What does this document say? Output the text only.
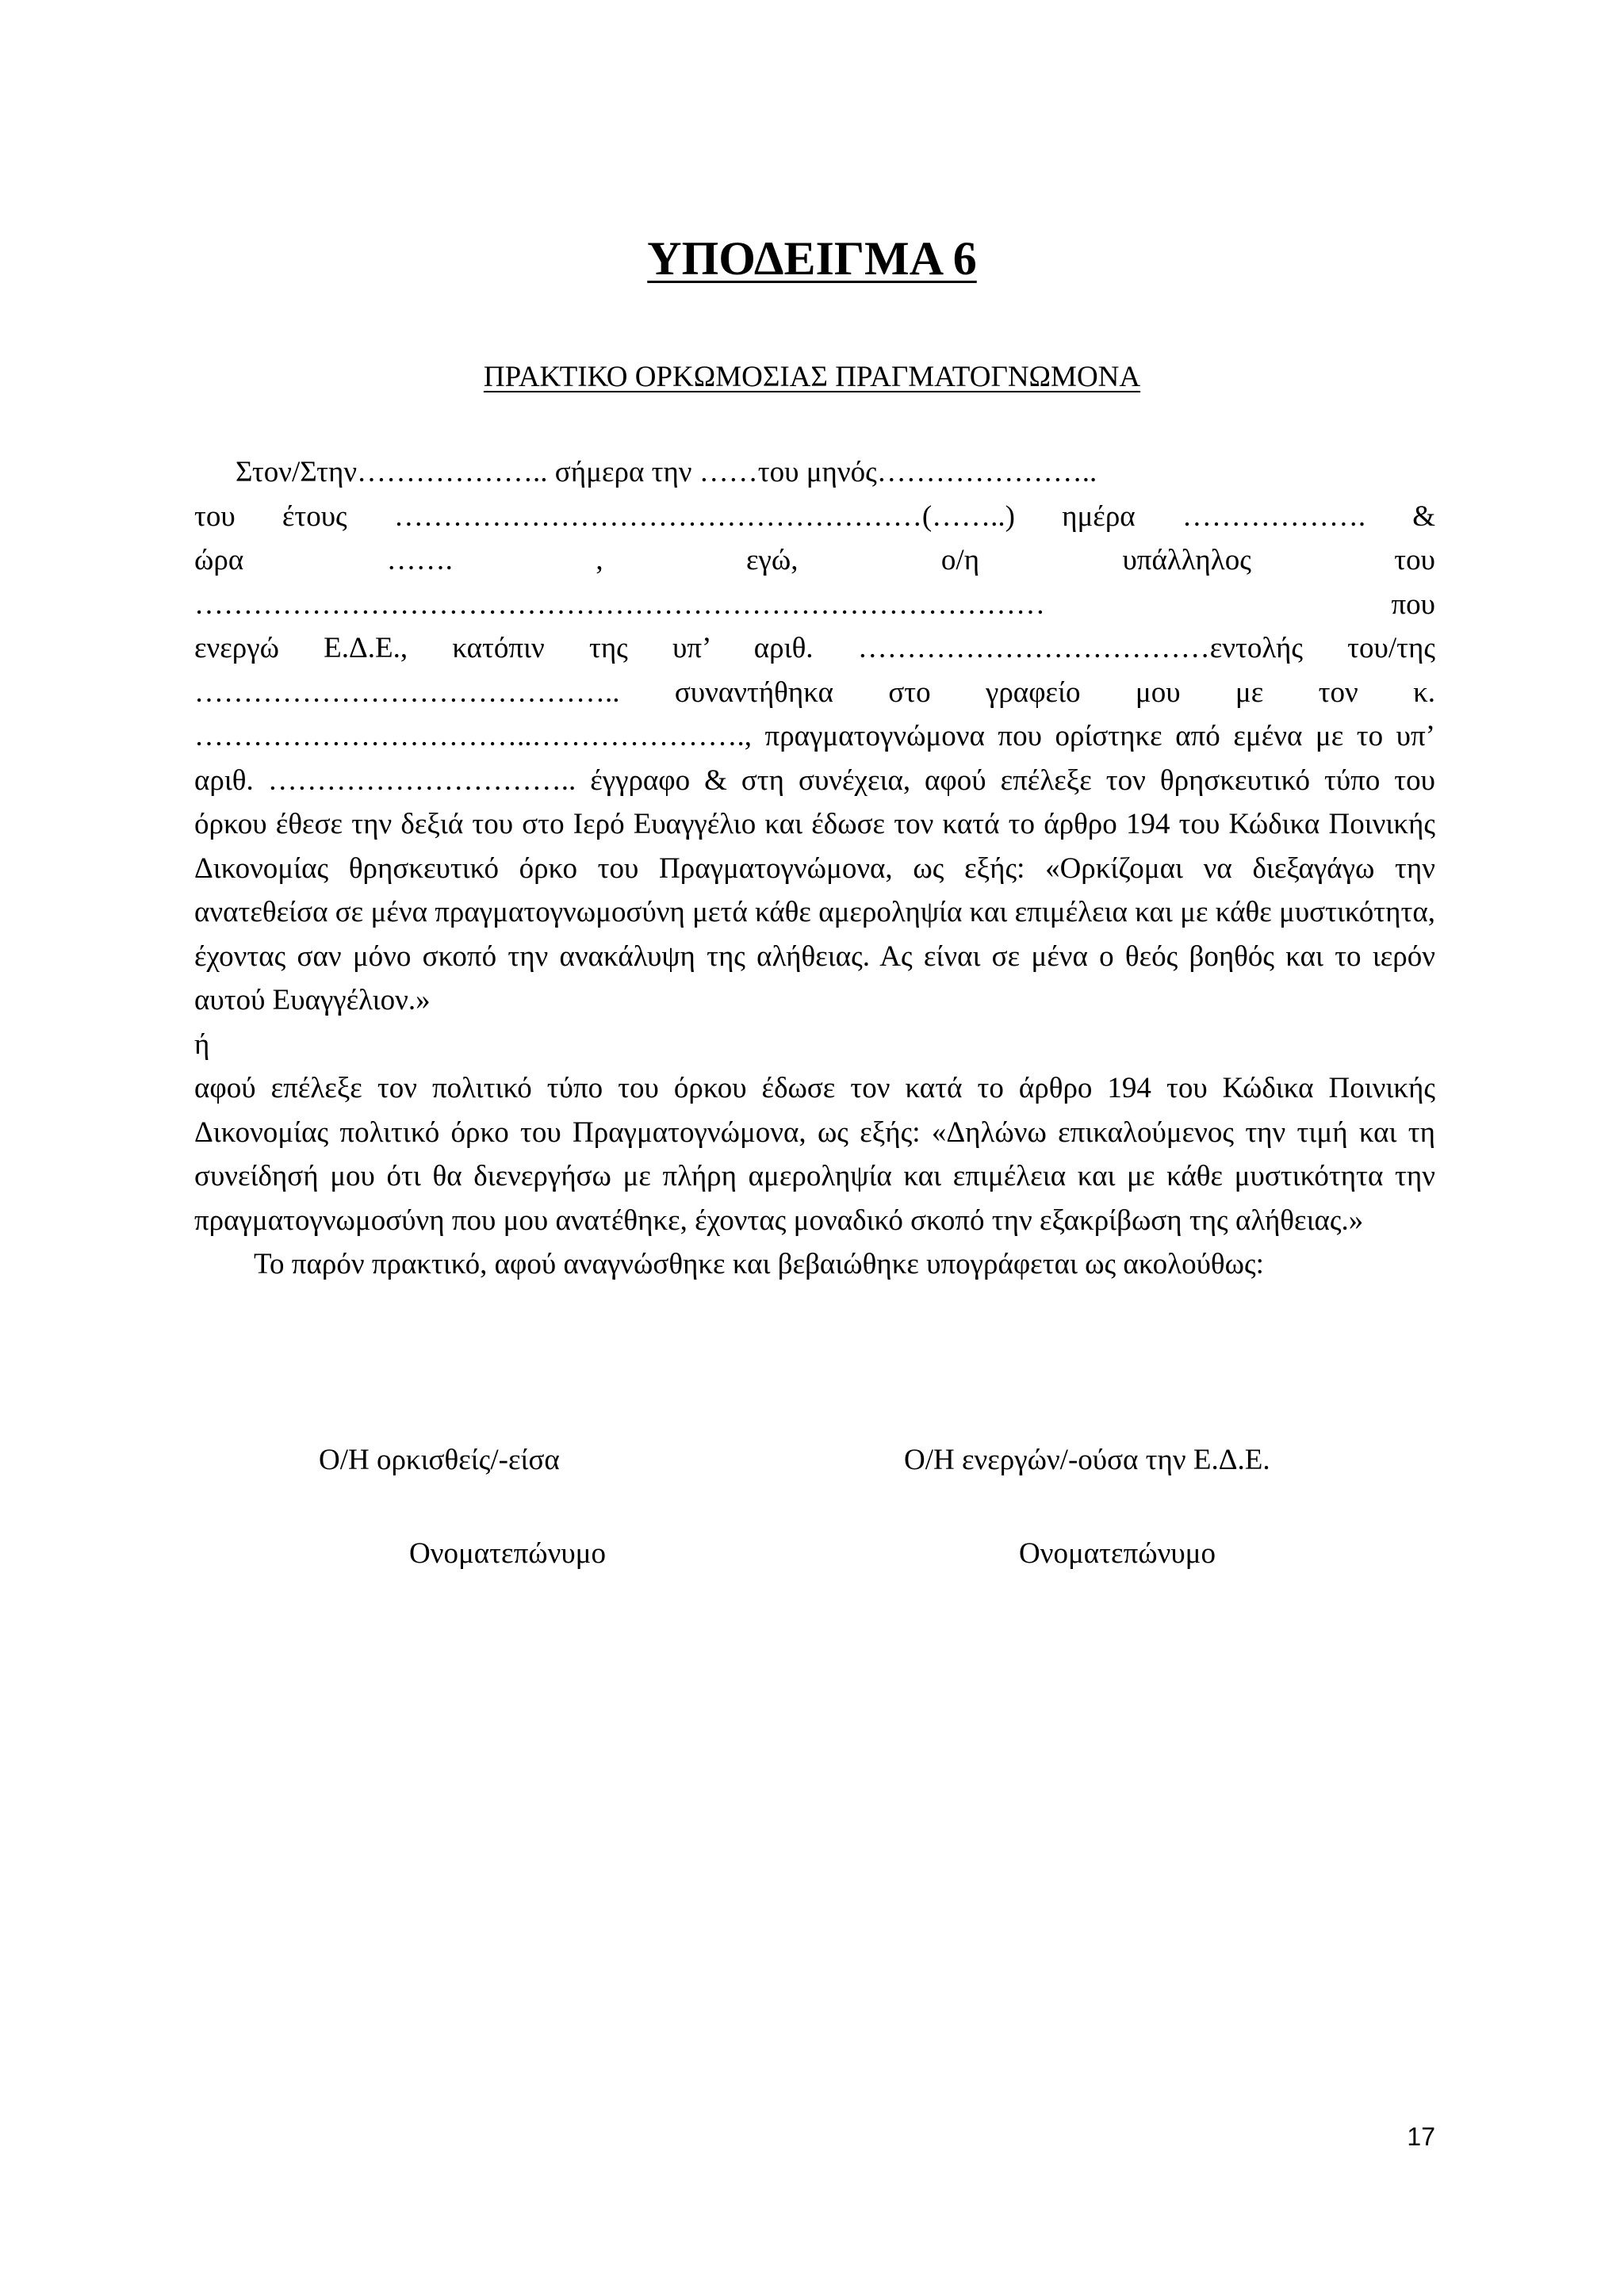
ΥΠΟΔΕΙΓΜΑ 6
ΠΡΑΚΤΙΚΟ ΟΡΚΩΜΟΣΙΑΣ ΠΡΑΓΜΑΤΟΓΝΩΜΟΝΑ

Στον/Στην……………….. σήμερα την ……του μηνός…………………..

του έτους ………………………………………………(……..) ημέρα ………………. &

ώρα ……. , εγώ, ο/η υπάλληλος του

…………………………………………………………………………… που

ενεργώ Ε.Δ.Ε., κατόπιν της υπ’ αριθ. ………………………………εντολής του/της

…………………………………….. συναντήθηκα στο γραφείο μου με τον κ.

……………………………..…………………., πραγματογνώμονα που ορίστηκε από εμένα με το υπ’ αριθ. ………………………….. έγγραφο & στη συνέχεια, αφού επέλεξε τον θρησκευτικό τύπο του όρκου έθεσε την δεξιά του στο Ιερό Ευαγγέλιο και έδωσε τον κατά το άρθρο 194 του Κώδικα Ποινικής Δικονομίας θρησκευτικό όρκο του Πραγματογνώμονα, ως εξής: «Ορκίζομαι να διεξαγάγω την ανατεθείσα σε μένα πραγματογνωμοσύνη μετά κάθε αμεροληψία και επιμέλεια και με κάθε μυστικότητα, έχοντας σαν μόνο σκοπό την ανακάλυψη της αλήθειας. Ας είναι σε μένα ο θεός βοηθός και το ιερόν αυτού Ευαγγέλιον.»

ή

αφού επέλεξε τον πολιτικό τύπο του όρκου έδωσε τον κατά το άρθρο 194 του Κώδικα Ποινικής Δικονομίας πολιτικό όρκο του Πραγματογνώμονα, ως εξής: «Δηλώνω επικαλούμενος την τιμή και τη συνείδησή μου ότι θα διενεργήσω με πλήρη αμεροληψία και επιμέλεια και με κάθε μυστικότητα την πραγματογνωμοσύνη που μου ανατέθηκε, έχοντας μοναδικό σκοπό την εξακρίβωση της αλήθειας.»

Το παρόν πρακτικό, αφού αναγνώσθηκε και βεβαιώθηκε υπογράφεται ως ακολούθως:

Ο/Η ορκισθείς/-είσα	Ο/Η ενεργών/-ούσα την Ε.Δ.Ε.
Ονοματεπώνυμο	Ονοματεπώνυμο
17
